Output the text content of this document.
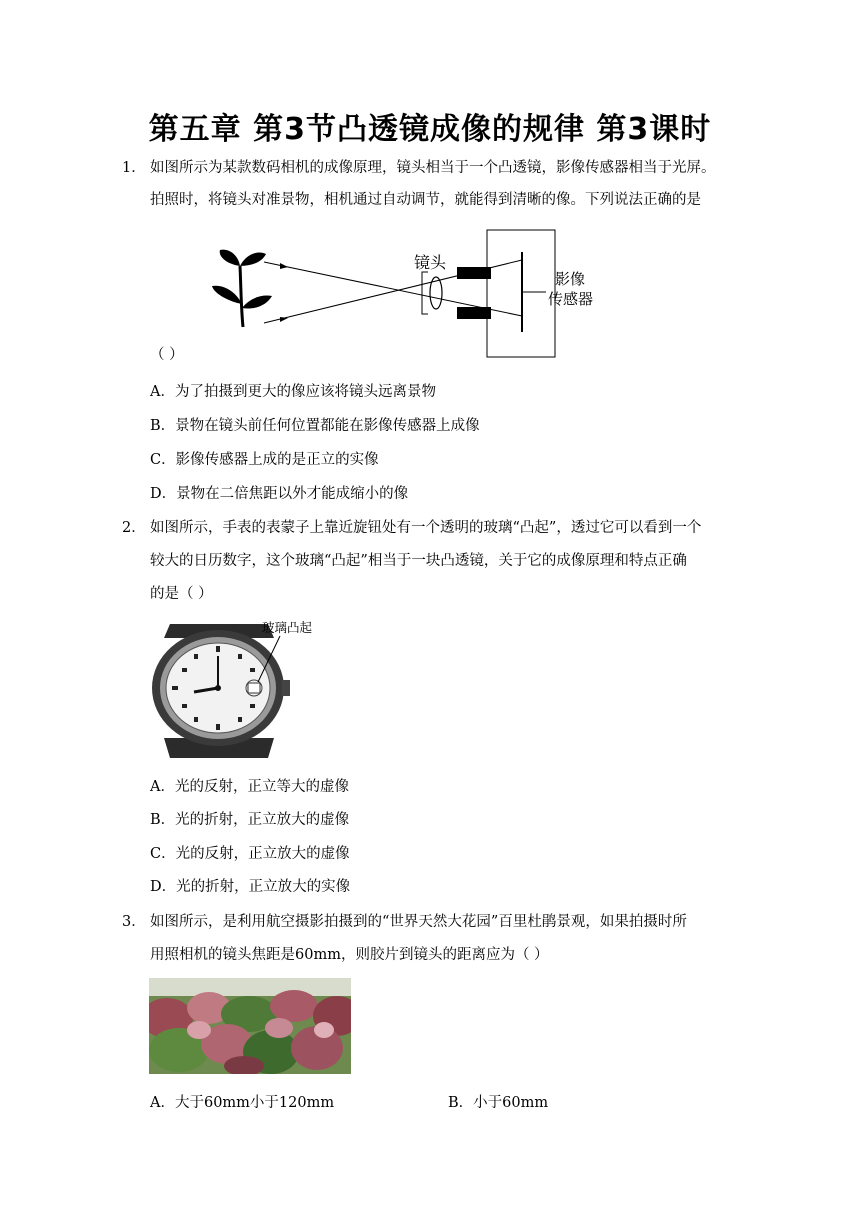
第五章 第3节凸透镜成像的规律 第3课时
1． 如图所示为某款数码相机的成像原理，镜头相当于一个凸透镜，影像传感器相当于光屏。
拍照时，将镜头对准景物，相机通过自动调节，就能得到清晰的像。下列说法正确的是
镜头
影像
传感器
（ ）
A．为了拍摄到更大的像应该将镜头远离景物
B．景物在镜头前任何位置都能在影像传感器上成像
C．影像传感器上成的是正立的实像
D．景物在二倍焦距以外才能成缩小的像
2． 如图所示，手表的表蒙子上靠近旋钮处有一个透明的玻璃“凸起”，透过它可以看到一个
较大的日历数字，这个玻璃“凸起”相当于一块凸透镜，关于它的成像原理和特点正确
的是（ ）
玻璃凸起
A．光的反射，正立等大的虚像
B．光的折射，正立放大的虚像
C．光的反射，正立放大的虚像
D．光的折射，正立放大的实像
3． 如图所示，是利用航空摄影拍摄到的“世界天然大花园”百里杜鹃景观，如果拍摄时所
用照相机的镜头焦距是60mm，则胶片到镜头的距离应为（ ）
A．大于60mm小于120mm	B．小于60mm
